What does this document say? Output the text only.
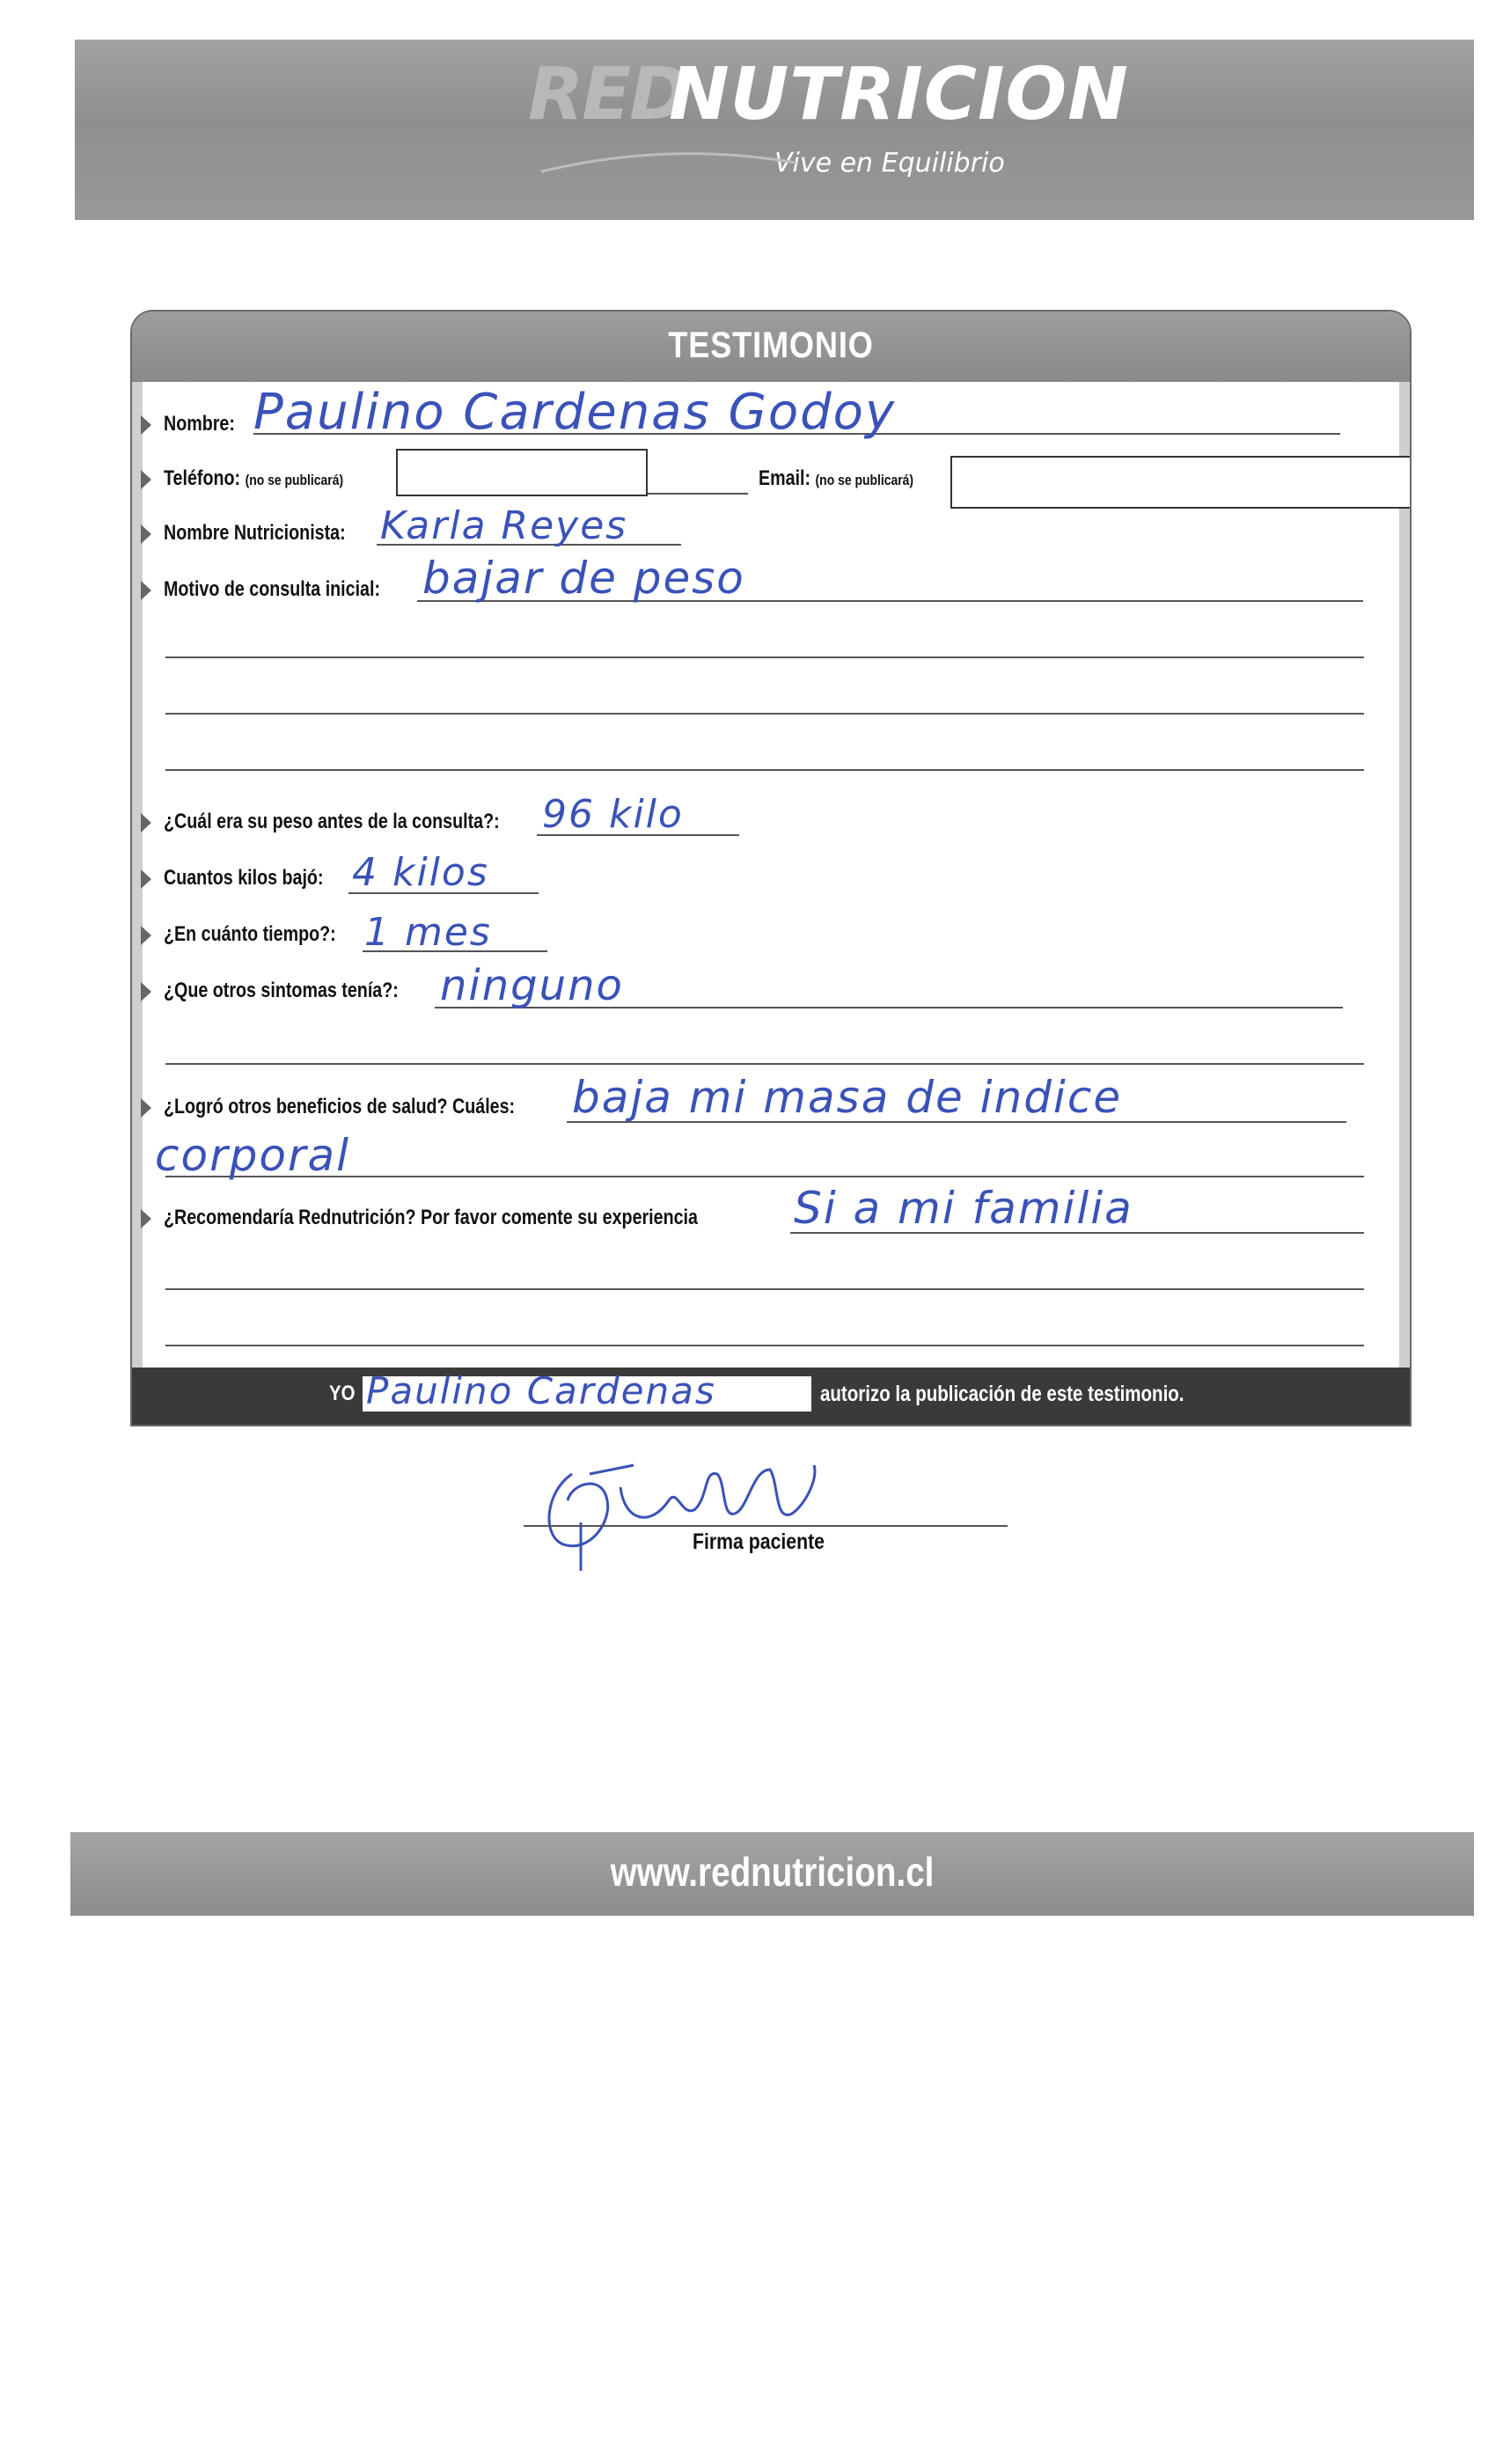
RED
NUTRICION
Vive en Equilibrio
TESTIMONIO
Nombre: Paulino Cardenas Godoy
Teléfono: (no se publicará)	Email: (no se publicará)
Nombre Nutricionista: Karla Reyes
Motivo de consulta inicial: bajar de peso
¿Cuál era su peso antes de la consulta?: 96 kilo
Cuantos kilos bajó: 4 kilos
¿En cuánto tiempo?: 1 mes
¿Que otros sintomas tenía?: ninguno
¿Logró otros beneficios de salud? Cuáles: baja mi masa de indice
corporal
¿Recomendaría Rednutrición? Por favor comente su experiencia Si a mi familia
YO Paulino Cardenas	autorizo la publicación de este testimonio.
Firma paciente
www.rednutricion.cl
